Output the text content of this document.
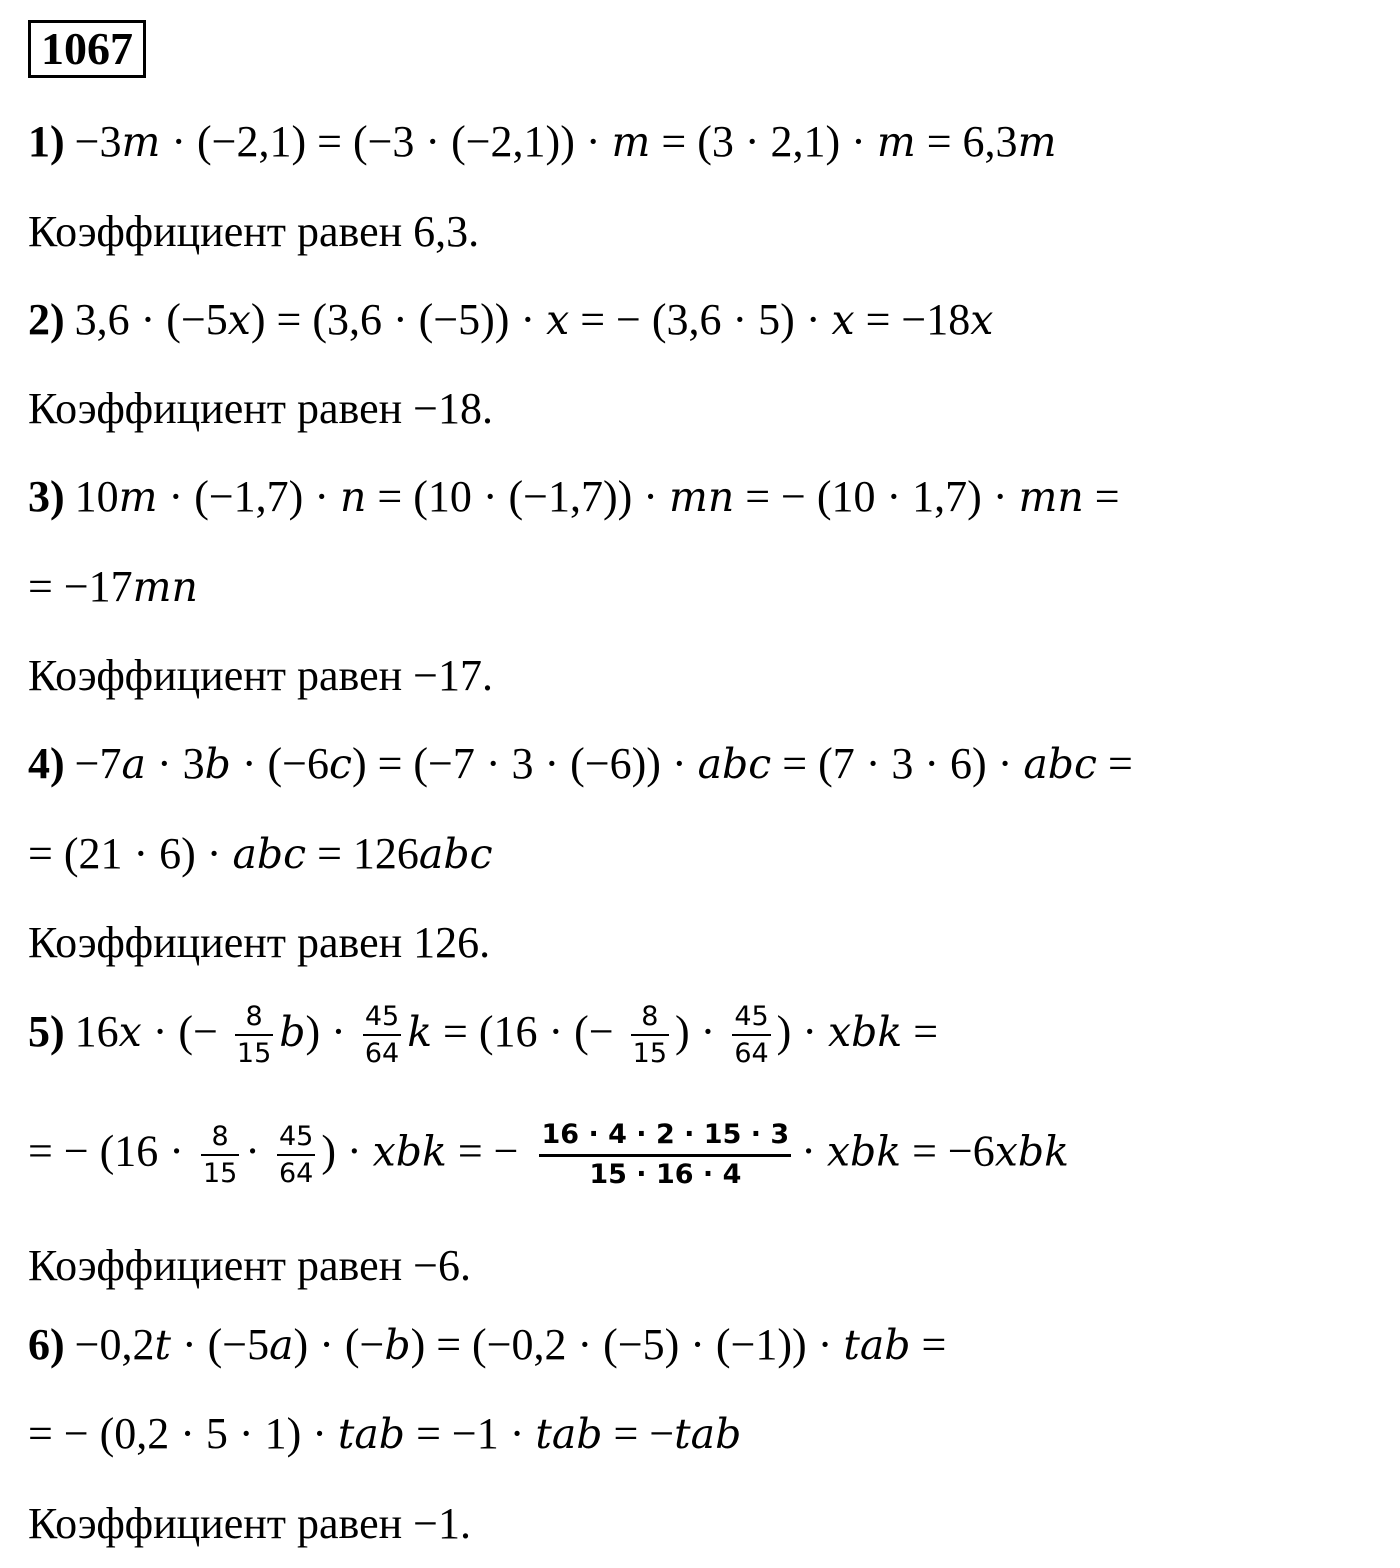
1067
1) −3m · (−2,1) = (−3 · (−2,1)) · m = (3 · 2,1) · m = 6,3m
Коэффициент равен 6,3.
2) 3,6 · (−5x) = (3,6 · (−5)) · x = − (3,6 · 5) · x = −18x
Коэффициент равен −18.
3) 10m · (−1,7) · n = (10 · (−1,7)) · mn = − (10 · 1,7) · mn =
= −17mn
Коэффициент равен −17.
4) −7a · 3b · (−6c) = (−7 · 3 · (−6)) · abc = (7 · 3 · 6) · abc =
= (21 · 6) · abc = 126abc
Коэффициент равен 126.
5) 16x · (− $\frac{8}{15} b) \cdot \frac{45}{64}$ k = (16 · (− $\frac{8}{15}$ ) · $\frac{45}{64}$ ) · xbk =
= − ($16 \cdot \frac{8}{15} \cdot \frac{45}{64}$ ) · xbk = − $\frac{16 \cdot 4 \cdot 2 \cdot 15 \cdot 3}{15 \cdot 16 \cdot 4}$ · xbk = −6xbk
Коэффициент равен −6.
6) −0,2t · (−5a) · (−b) = (−0,2 · (−5) · (−1)) · tab =
= − (0,2 · 5 · 1) · tab = −1 · tab = −tab
Коэффициент равен −1.
